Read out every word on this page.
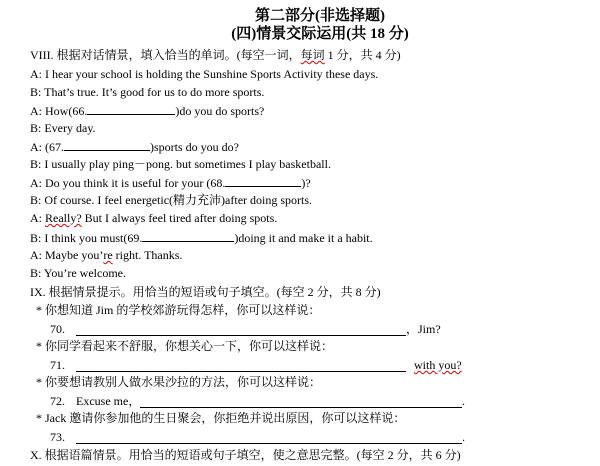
第二部分(非选择题)
(四)情景交际运用(共 18 分)
VIII. 根据对话情景，填入恰当的单词。(每空一词，每词 1 分，共 4 分)
A: I hear your school is holding the Sunshine Sports Activity these days.
B: That’s true. It’s good for us to do more sports.
A: How(66.	)do you do sports?
B: Every day.
A: (67.	)sports do you do?
B: I usually play ping－pong. but sometimes I play basketball.
A: Do you think it is useful for your (68.	)?
B: Of course. I feel energetic(精力充沛)after doing sports.
A: Really? But I always feel tired after doing spots.
B: I think you must(69.	)doing it and make it a habit.
A: Maybe you’re right. Thanks.
B: You’re welcome.
IX. 根据情景提示。用恰当的短语或句子填空。(每空 2 分，共 8 分)
* 你想知道 Jim 的学校郊游玩得怎样，你可以这样说：
70.	，Jim?
* 你同学看起来不舒服，你想关心一下，你可以这样说：
71.	with you?
* 你要想请教别人做水果沙拉的方法，你可以这样说：
72. Excuse me，	.
* Jack 邀请你参加他的生日聚会，你拒绝并说出原因，你可以这样说：
73.	.
X. 根据语篇情景。用恰当的短语或句子填空，使之意思完整。(每空 2 分，共 6 分)
